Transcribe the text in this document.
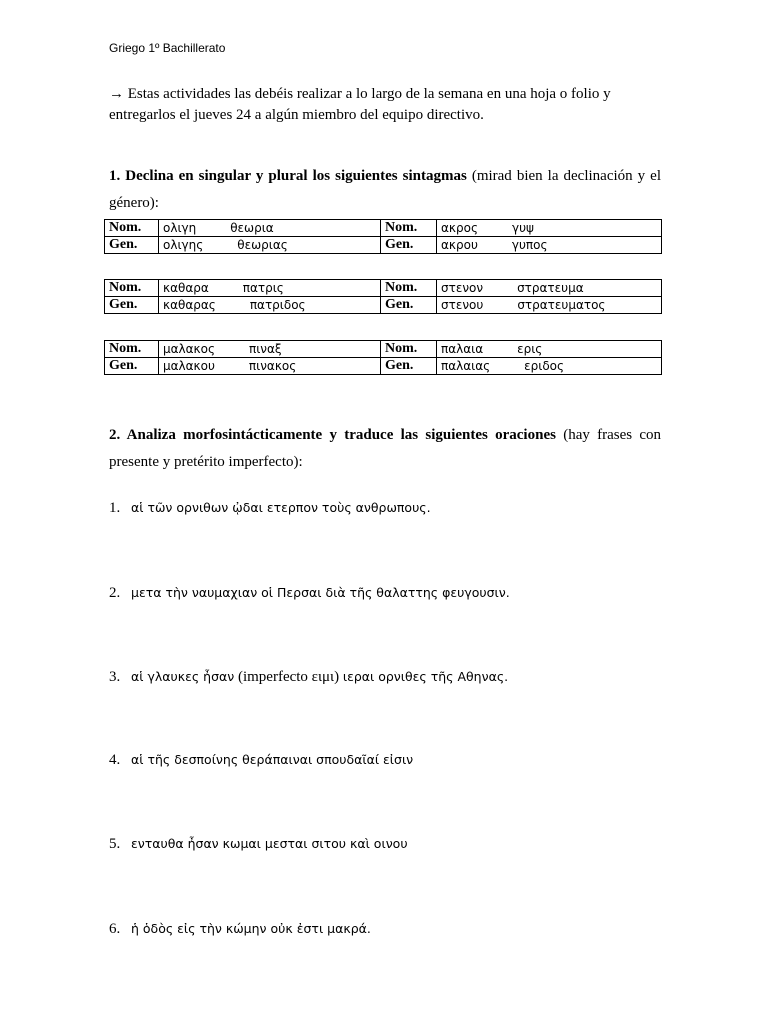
Griego 1º Bachillerato
→ Estas actividades las debéis realizar a lo largo de la semana en una hoja o folio y entregarlos el jueves 24 a algún miembro del equipo directivo.
1. Declina en singular y plural los siguientes sintagmas (mirad bien la declinación y el género):
Nom.	ολιγη θεωρια	Nom.	ακρος γυψ
Gen.	ολιγης θεωριας	Gen.	ακρου γυπος
Nom.	καθαρα πατρις	Nom.	στενον στρατευμα
Gen.	καθαρας πατριδος	Gen.	στενου στρατευματος
Nom.	μαλακος πιναξ	Nom.	παλαια ερις
Gen.	μαλακου πινακος	Gen.	παλαιας εριδος
2. Analiza morfosintácticamente y traduce las siguientes oraciones (hay frases con presente y pretérito imperfecto):
1. αἱ τῶν ορνιθων ᾠδαι ετερπον τοὺς ανθρωπους.
2. μετα τὴν ναυμαχιαν οἱ Περσαι διὰ τῆς θαλαττης φευγουσιν.
3. αἱ γλαυκες ἦσαν (imperfecto ειμι) ιεραι ορνιθες τῆς Αθηνας.
4. αἱ τῆς δεσποίνης θεράπαιναι σπουδαῖαί εἰσιν
5. ενταυθα ἦσαν κωμαι μεσται σιτου καὶ οινου
6. ἡ ὁδὸς εἰς τὴν κώμην οὐκ ἐστι μακρά.
